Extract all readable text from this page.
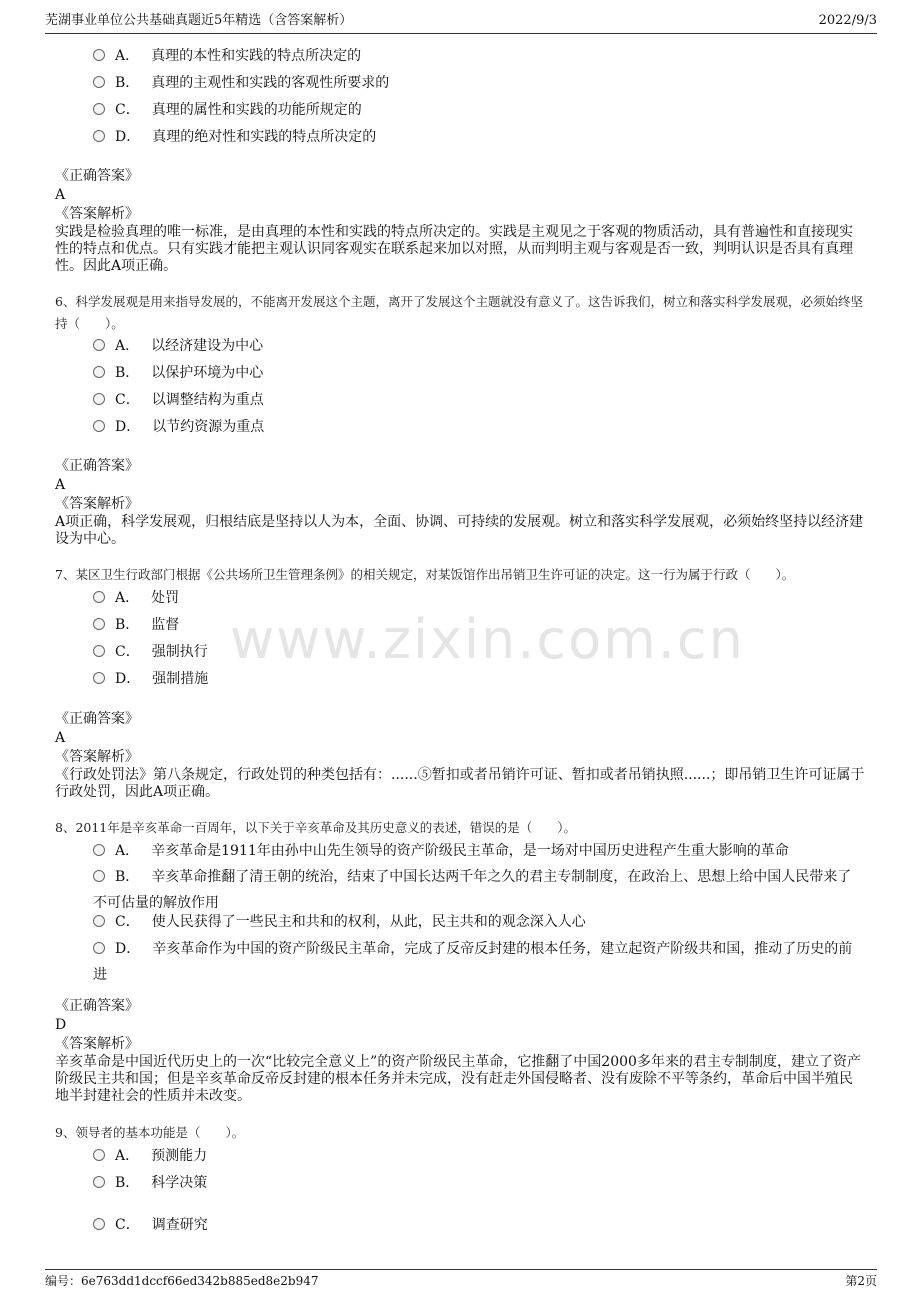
芜湖事业单位公共基础真题近5年精选（含答案解析）	2022/9/3
www.zixin.com.cn
A． 真理的本性和实践的特点所决定的
B． 真理的主观性和实践的客观性所要求的
C． 真理的属性和实践的功能所规定的
D． 真理的绝对性和实践的特点所决定的
《正确答案》
A
《答案解析》
实践是检验真理的唯一标准，是由真理的本性和实践的特点所决定的。实践是主观见之于客观的物质活动，具有普遍性和直接现实性的特点和优点。只有实践才能把主观认识同客观实在联系起来加以对照，从而判明主观与客观是否一致，判明认识是否具有真理性。因此A项正确。
6、科学发展观是用来指导发展的，不能离开发展这个主题，离开了发展这个主题就没有意义了。这告诉我们，树立和落实科学发展观，必须始终坚持（　　）。
A． 以经济建设为中心
B． 以保护环境为中心
C． 以调整结构为重点
D． 以节约资源为重点
《正确答案》
A
《答案解析》
A项正确，科学发展观，归根结底是坚持以人为本，全面、协调、可持续的发展观。树立和落实科学发展观，必须始终坚持以经济建设为中心。
7、某区卫生行政部门根据《公共场所卫生管理条例》的相关规定，对某饭馆作出吊销卫生许可证的决定。这一行为属于行政（　　）。
A． 处罚
B． 监督
C． 强制执行
D． 强制措施
《正确答案》
A
《答案解析》
《行政处罚法》第八条规定，行政处罚的种类包括有：......⑤暂扣或者吊销许可证、暂扣或者吊销执照......；即吊销卫生许可证属于行政处罚，因此A项正确。
8、2011年是辛亥革命一百周年，以下关于辛亥革命及其历史意义的表述，错误的是（　　）。
A． 辛亥革命是1911年由孙中山先生领导的资产阶级民主革命，是一场对中国历史进程产生重大影响的革命
B． 辛亥革命推翻了清王朝的统治，结束了中国长达两千年之久的君主专制制度，在政治上、思想上给中国人民带来了不可估量的解放作用
C． 使人民获得了一些民主和共和的权利，从此，民主共和的观念深入人心
D． 辛亥革命作为中国的资产阶级民主革命，完成了反帝反封建的根本任务，建立起资产阶级共和国，推动了历史的前进
《正确答案》
D
《答案解析》
辛亥革命是中国近代历史上的一次“比较完全意义上”的资产阶级民主革命，它推翻了中国2000多年来的君主专制制度，建立了资产阶级民主共和国；但是辛亥革命反帝反封建的根本任务并未完成，没有赶走外国侵略者、没有废除不平等条约，革命后中国半殖民地半封建社会的性质并未改变。
9、领导者的基本功能是（　　）。
A． 预测能力
B． 科学决策
C． 调查研究
编号：6e763dd1dccf66ed342b885ed8e2b947	第2页
